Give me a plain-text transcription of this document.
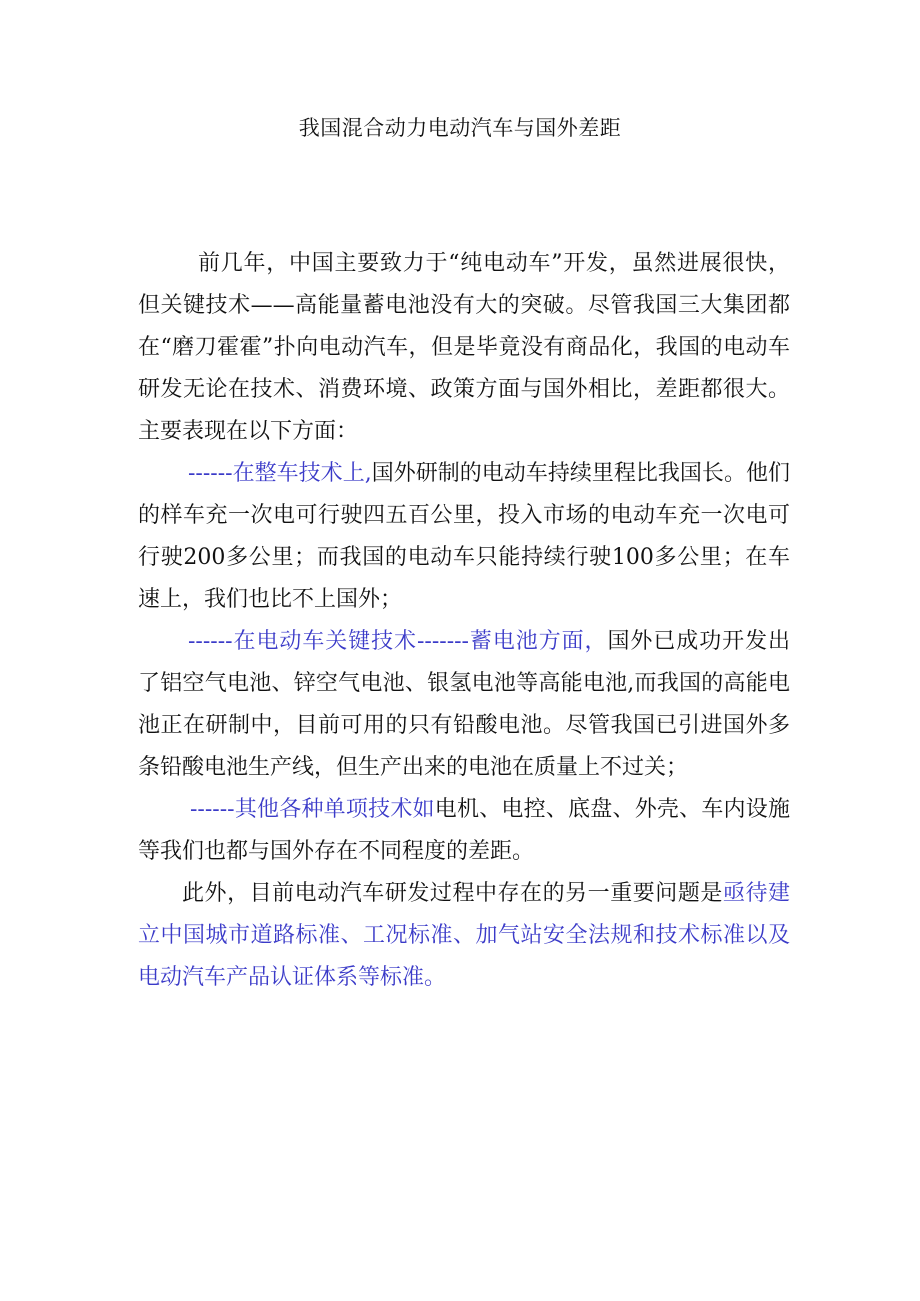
我国混合动力电动汽车与国外差距

前几年，中国主要致力于“纯电动车”开发，虽然进展很快，但关键技术——高能量蓄电池没有大的突破。尽管我国三大集团都在“磨刀霍霍”扑向电动汽车，但是毕竟没有商品化，我国的电动车研发无论在技术、消费环境、政策方面与国外相比，差距都很大。主要表现在以下方面：

------在整车技术上,国外研制的电动车持续里程比我国长。他们的样车充一次电可行驶四五百公里，投入市场的电动车充一次电可行驶200多公里；而我国的电动车只能持续行驶100多公里；在车速上，我们也比不上国外；

------在电动车关键技术-------蓄电池方面，国外已成功开发出了铝空气电池、锌空气电池、银氢电池等高能电池,而我国的高能电池正在研制中，目前可用的只有铅酸电池。尽管我国已引进国外多条铅酸电池生产线，但生产出来的电池在质量上不过关；

------其他各种单项技术如电机、电控、底盘、外壳、车内设施等我们也都与国外存在不同程度的差距。

此外，目前电动汽车研发过程中存在的另一重要问题是亟待建立中国城市道路标准、工况标准、加气站安全法规和技术标准以及电动汽车产品认证体系等标准。
